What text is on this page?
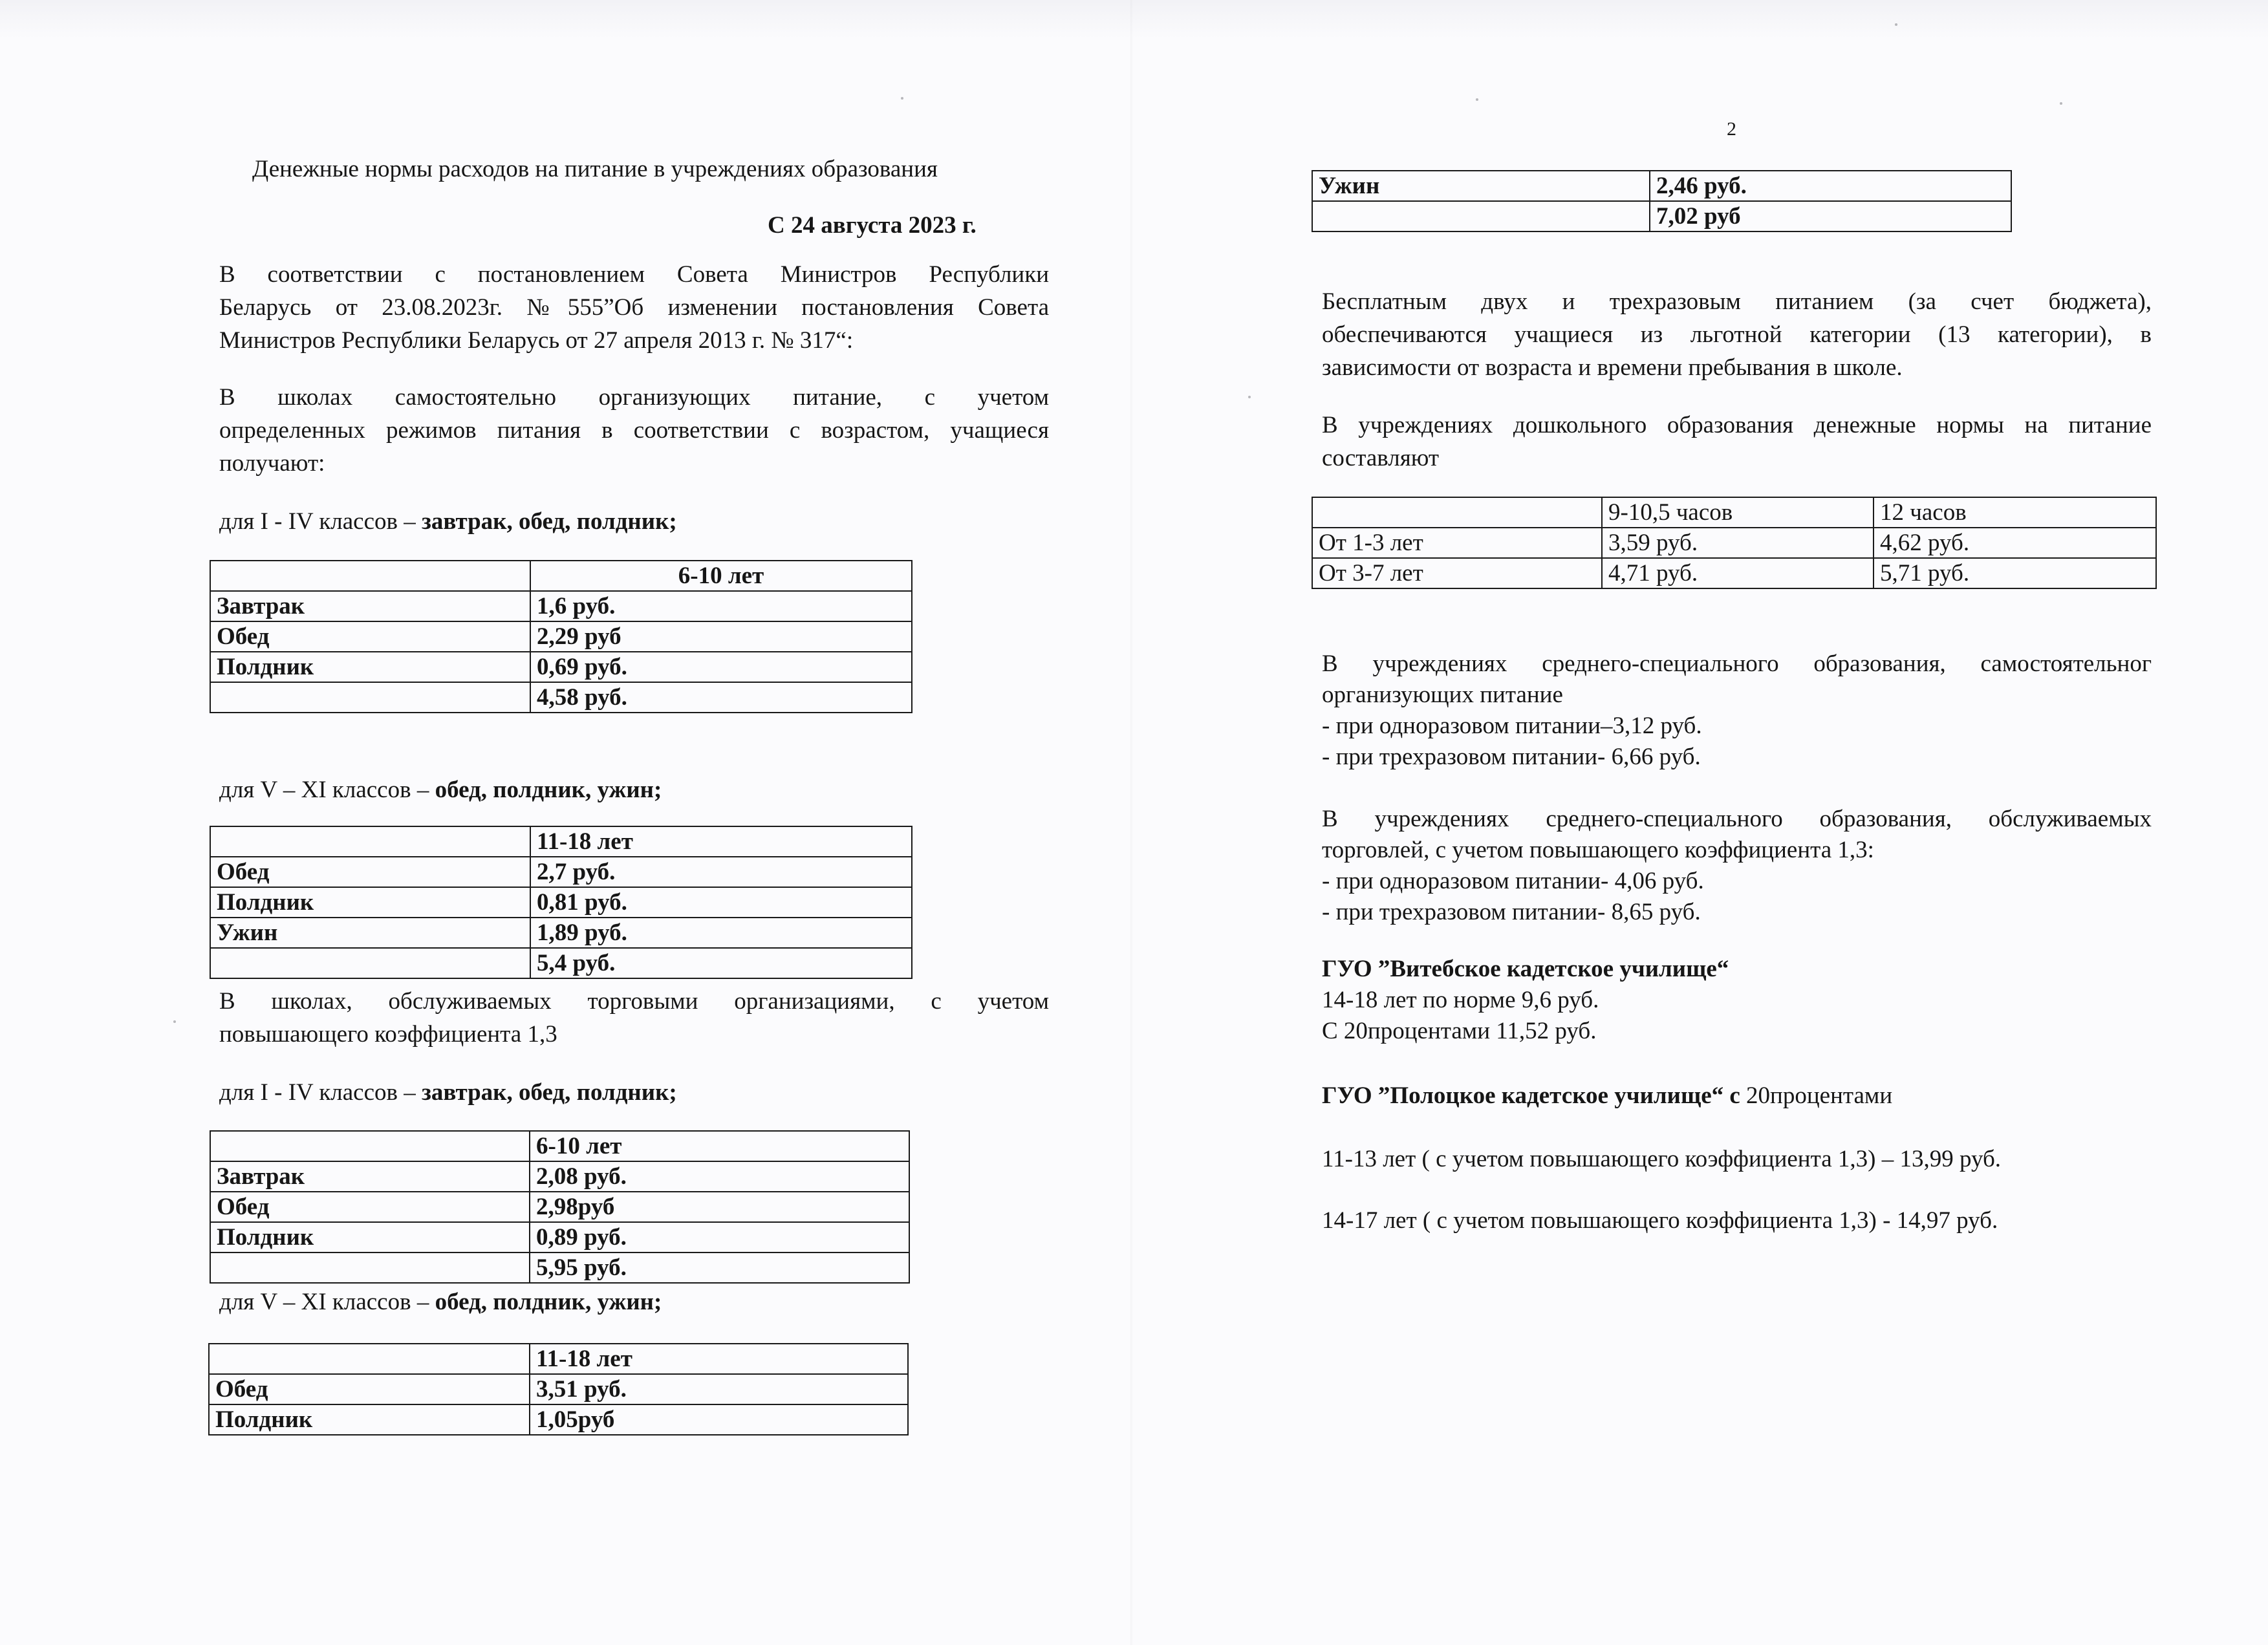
Денежные нормы расходов на питание в учреждениях образования
С 24 августа 2023 г.

В соответствии с постановлением Совета Министров Республики

Беларусь от 23.08.2023г. №555”Об изменении постановления Совета

Министров Республики Беларусь от 27 апреля 2013 г. № 317“:

В школах самостоятельно организующих питание, с учетом

определенных режимов питания в соответствии с возрастом, учащиеся

получают:

для I - IV классов – завтрак, обед, полдник;
	6-10 лет
Завтрак	1,6 руб.
Обед	2,29 руб
Полдник	0,69 руб.
	4,58 руб.
для V – XI классов – обед, полдник, ужин;
	11-18 лет
Обед	2,7 руб.
Полдник	0,81 руб.
Ужин	1,89 руб.
	5,4 руб.

В школах, обслуживаемых торговыми организациями, с учетом

повышающего коэффициента 1,3

для I - IV классов – завтрак, обед, полдник;
	6-10 лет
Завтрак	2,08 руб.
Обед	2,98руб
Полдник	0,89 руб.
	5,95 руб.
для V – XI классов – обед, полдник, ужин;
	11-18 лет
Обед	3,51 руб.
Полдник	1,05руб
2
Ужин	2,46 руб.
	7,02 руб

Бесплатным двух и трехразовым питанием (за счет бюджета),

обеспечиваются учащиеся из льготной категории (13 категории), в

зависимости от возраста и времени пребывания в школе.

В учреждениях дошкольного образования денежные нормы на питание

составляют

	9-10,5 часов	12 часов
От 1-3 лет	3,59 руб.	4,62 руб.
От 3-7 лет	4,71 руб.	5,71 руб.

В учреждениях среднего-специального образования, самостоятельног

организующих питание

- при одноразовом питании–3,12 руб.

- при трехразовом питании- 6,66 руб.

В учреждениях среднего-специального образования, обслуживаемых

торговлей, с учетом повышающего коэффициента 1,3:

- при одноразовом питании- 4,06 руб.

- при трехразовом питании- 8,65 руб.

ГУО ”Витебское кадетское училище“

14-18 лет по норме 9,6 руб.

С 20процентами 11,52 руб.

ГУО ”Полоцкое кадетское училище“ с 20процентами
11-13 лет ( с учетом повышающего коэффициента 1,3) – 13,99 руб.
14-17 лет ( с учетом повышающего коэффициента 1,3) - 14,97 руб.
